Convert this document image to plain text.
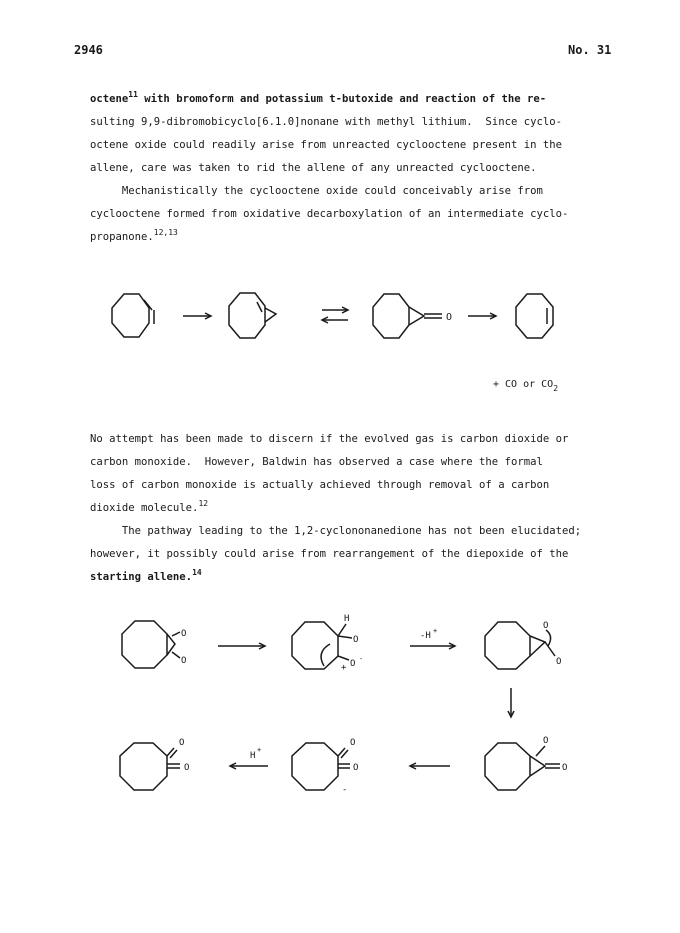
2946	No. 31
octene$^{11}$ with bromoform and potassium t-butoxide and reaction of the re-
sulting 9,9-dibromobicyclo[6.1.0]nonane with methyl lithium.  Since cyclo-
octene oxide could readily arise from unreacted cyclooctene present in the
allene, care was taken to rid the allene of any unreacted cyclooctene.
Mechanistically the cyclooctene oxide could conceivably arise from
cyclooctene formed from oxidative decarboxylation of an intermediate cyclo-
propanone.$^{12,13}$
O
+ CO or $CO_2$
No attempt has been made to discern if the evolved gas is carbon dioxide or
carbon monoxide.  However, Baldwin has observed a case where the formal
loss of carbon monoxide is actually achieved through removal of a carbon
dioxide molecule.$^{12}$
The pathway leading to the 1,2-cyclononanedione has not been elucidated;
however, it possibly could arise from rearrangement of the diepoxide of the
starting allene.$^{14}$
O
O
H
O
+ O -
-H +	O
O
O
O
O
O
-
H
+
O
O
